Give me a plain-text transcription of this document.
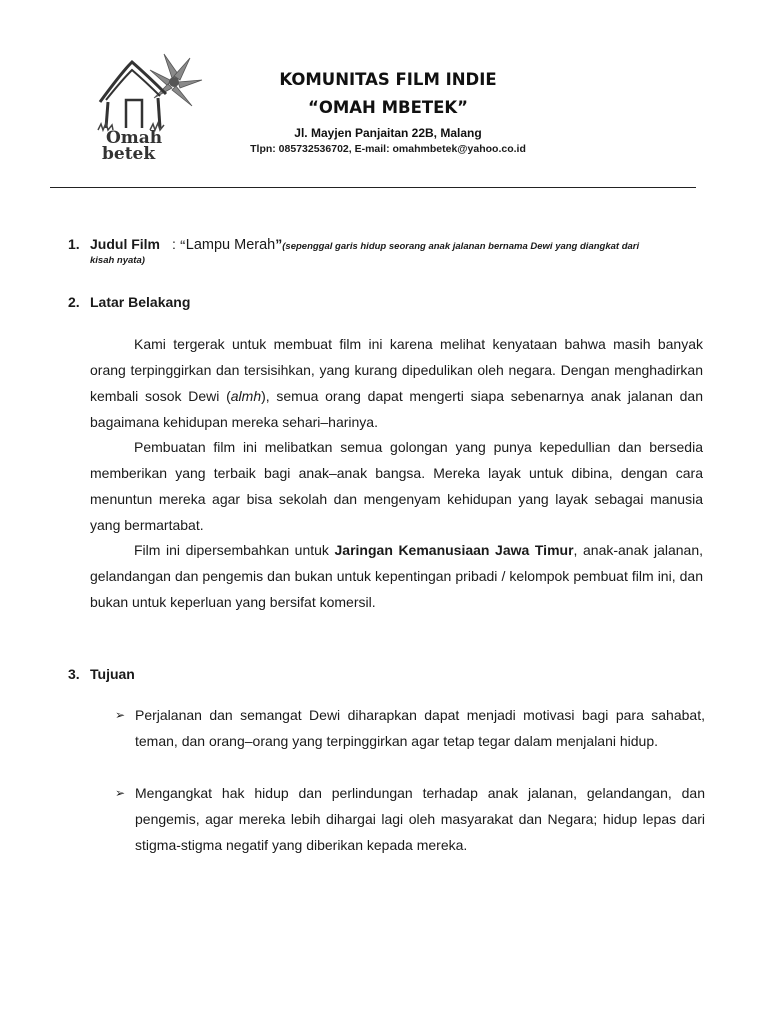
Omah
betek
KOMUNITAS FILM INDIE
“OMAH MBETEK”
Jl. Mayjen Panjaitan 22B, Malang
Tlpn: 085732536702, E-mail: omahmbetek@yahoo.co.id
1. Judul Film : “Lampu Merah”(sepenggal garis hidup seorang anak jalanan bernama Dewi yang diangkat dari
kisah nyata)
2. Latar Belakang
Kami tergerak untuk membuat film ini karena melihat kenyataan bahwa masih banyak orang terpinggirkan dan tersisihkan, yang kurang dipedulikan oleh negara. Dengan menghadirkan kembali sosok Dewi (almh), semua orang dapat mengerti siapa sebenarnya anak jalanan dan bagaimana kehidupan mereka sehari–harinya.
Pembuatan film ini melibatkan semua golongan yang punya kepedullian dan bersedia memberikan yang terbaik bagi anak–anak bangsa. Mereka layak untuk dibina, dengan cara menuntun mereka agar bisa sekolah dan mengenyam kehidupan yang layak sebagai manusia yang bermartabat.
Film ini dipersembahkan untuk Jaringan Kemanusiaan Jawa Timur, anak-anak jalanan, gelandangan dan pengemis dan bukan untuk kepentingan pribadi / kelompok pembuat film ini, dan bukan untuk keperluan yang bersifat komersil.
3. Tujuan
➢ Perjalanan dan semangat Dewi diharapkan dapat menjadi motivasi bagi para sahabat, teman, dan orang–orang yang terpinggirkan agar tetap tegar dalam menjalani hidup.
➢ Mengangkat hak hidup dan perlindungan terhadap anak jalanan, gelandangan, dan pengemis, agar mereka lebih dihargai lagi oleh masyarakat dan Negara; hidup lepas dari stigma-stigma negatif yang diberikan kepada mereka.
